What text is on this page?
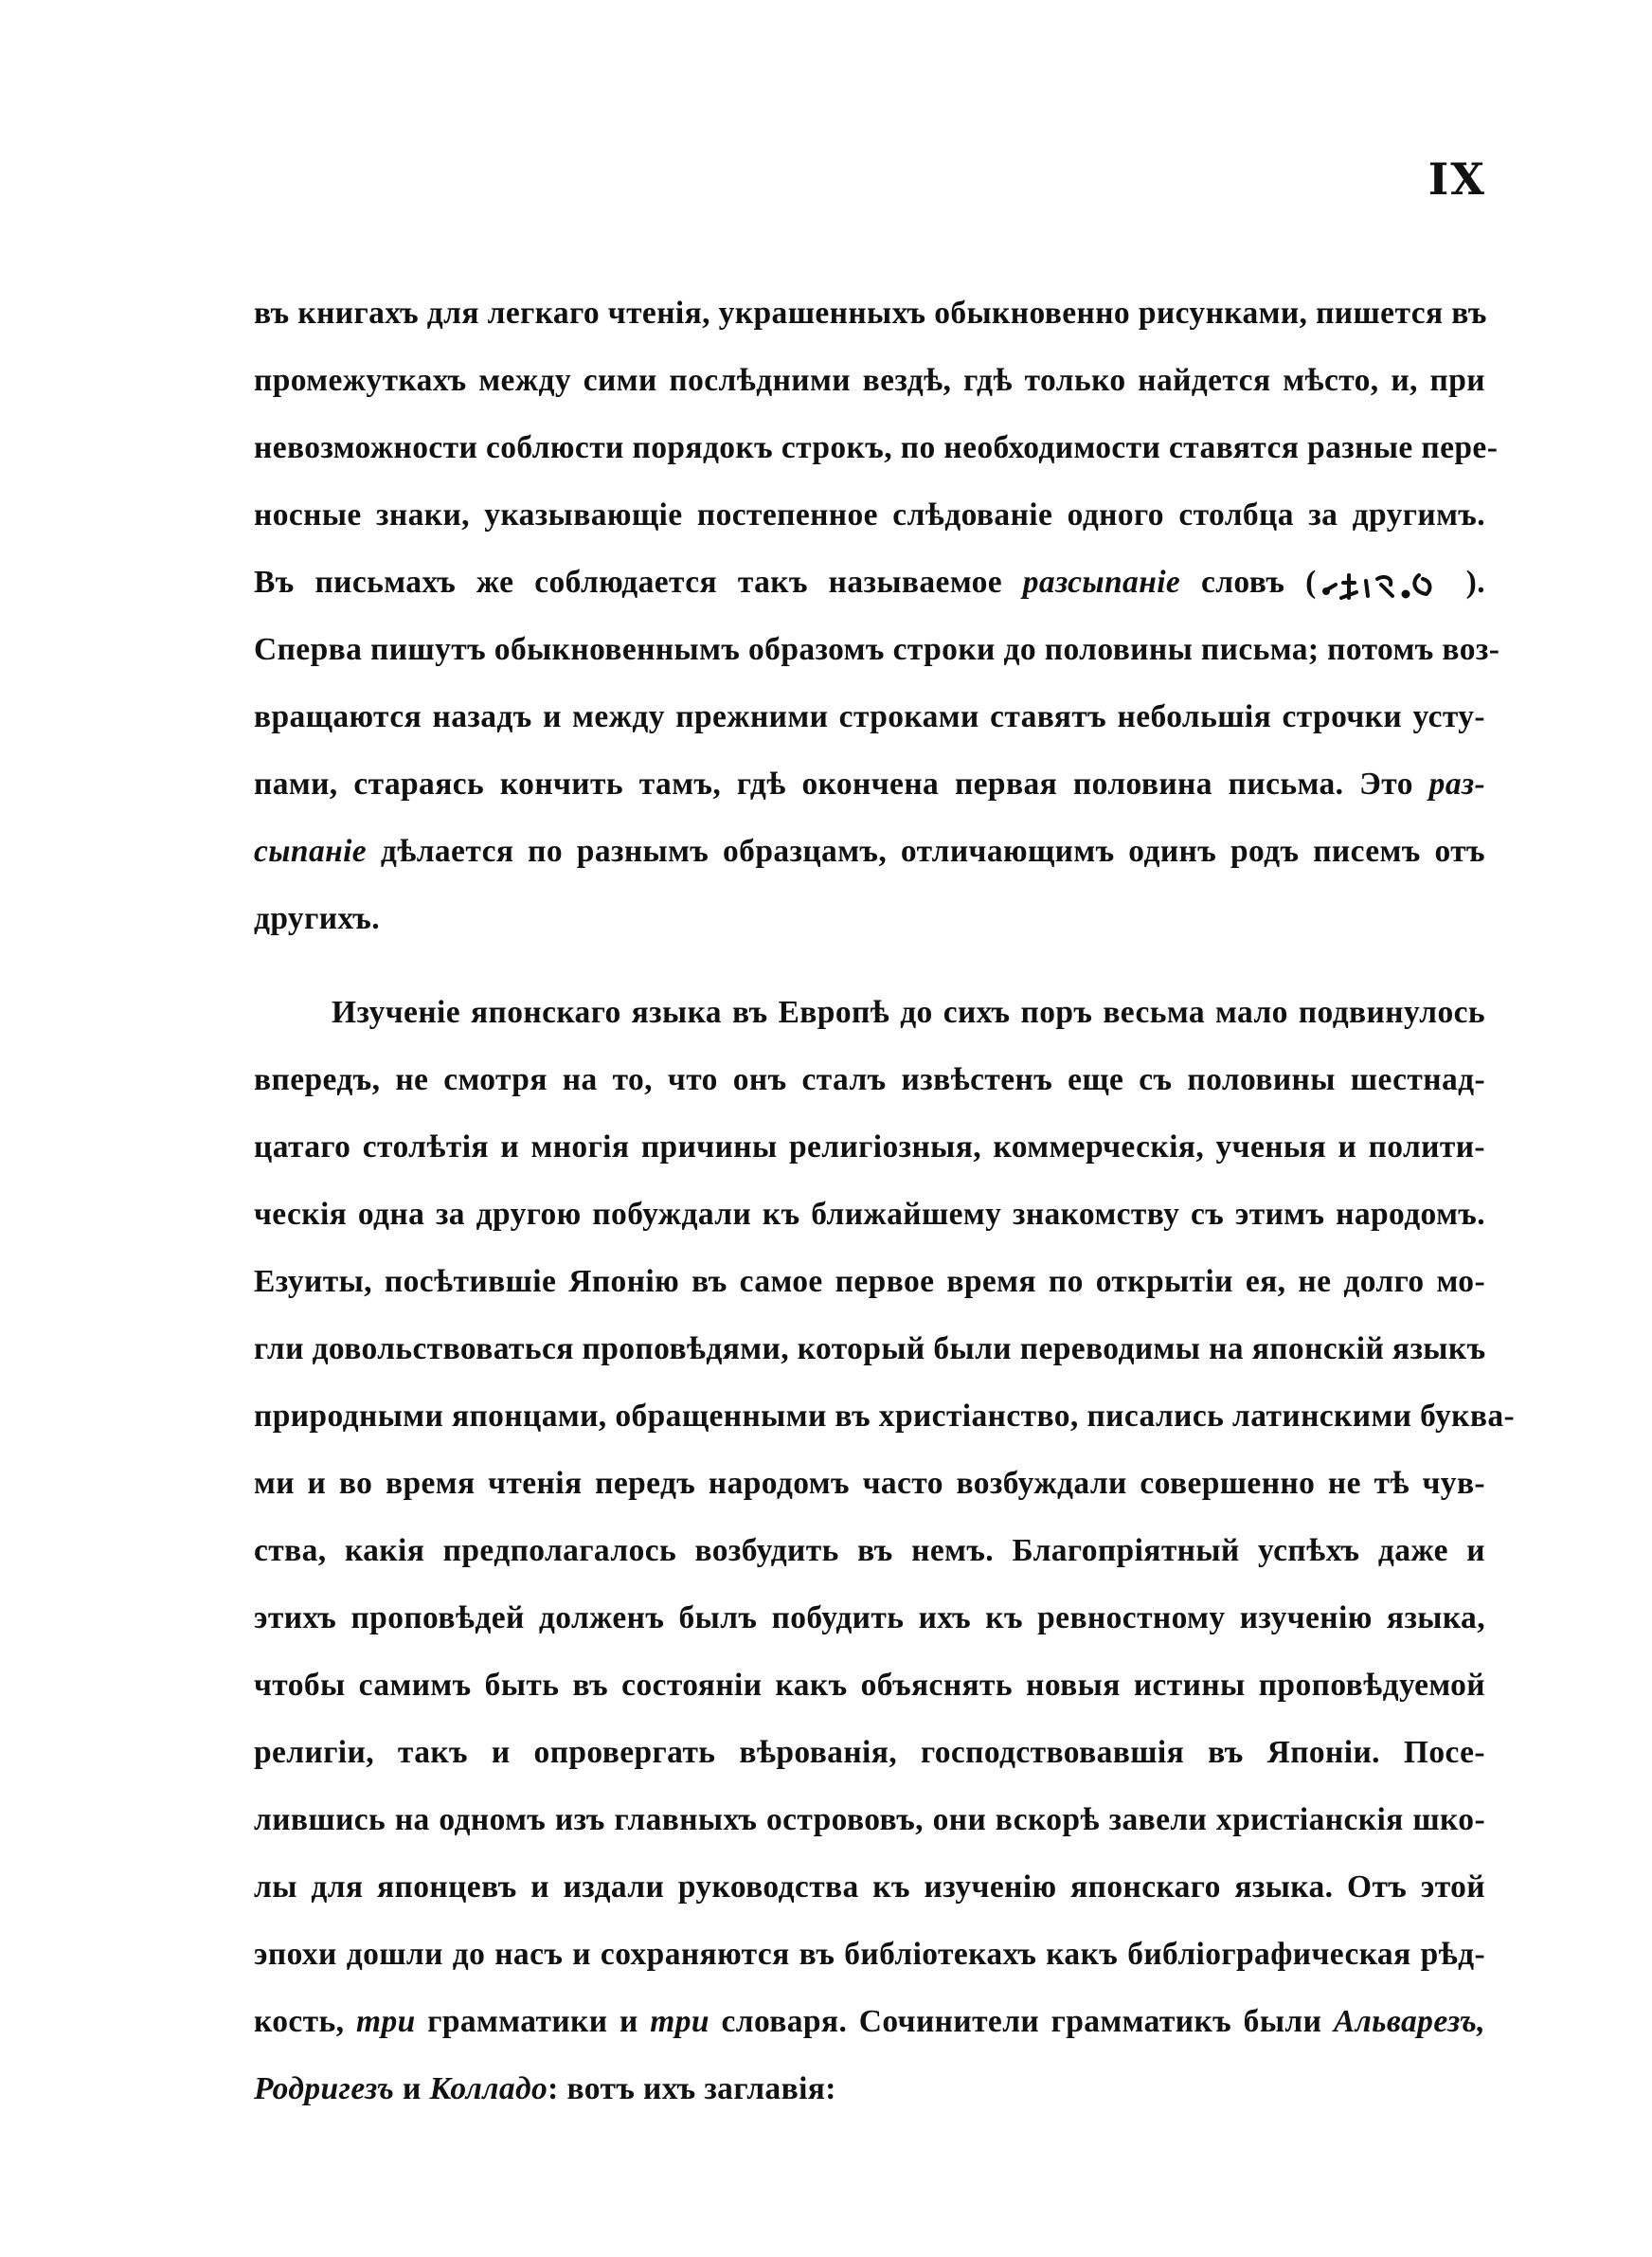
IX
въ книгахъ для легкаго чтенія, украшенныхъ обыкновенно рисунками, пишется въ
промежуткахъ между сими послѣдними вездѣ, гдѣ только найдется мѣсто, и, при
невозможности соблюсти порядокъ строкъ, по необходимости ставятся разные пере-
носные знаки, указывающіе постепенное слѣдованіе одного столбца за другимъ.
Въ письмахъ же соблюдается такъ называемое разсыпаніе словъ (	).
Сперва пишутъ обыкновеннымъ образомъ строки до половины письма; потомъ воз-
вращаются назадъ и между прежними строками ставятъ небольшія строчки усту-
пами, стараясь кончить тамъ, гдѣ окончена первая половина письма. Это раз-
сыпаніе дѣлается по разнымъ образцамъ, отличающимъ одинъ родъ писемъ отъ
другихъ.
Изученіе японскаго языка въ Европѣ до сихъ поръ весьма мало подвинулось
впередъ, не смотря на то, что онъ сталъ извѣстенъ еще съ половины шестнад-
цатаго столѣтія и многія причины религіозныя, коммерческія, ученыя и полити-
ческія одна за другою побуждали къ ближайшему знакомству съ этимъ народомъ.
Езуиты, посѣтившіе Японію въ самое первое время по открытіи ея, не долго мо-
гли довольствоваться проповѣдями, который были переводимы на японскій языкъ
природными японцами, обращенными въ христіанство, писались латинскими буква-
ми и во время чтенія передъ народомъ часто возбуждали совершенно не тѣ чув-
ства, какія предполагалось возбудить въ немъ. Благопріятный успѣхъ даже и
этихъ проповѣдей долженъ былъ побудить ихъ къ ревностному изученію языка,
чтобы самимъ быть въ состояніи какъ объяснять новыя истины проповѣдуемой
религіи, такъ и опровергать вѣрованія, господствовавшія въ Японіи. Посе-
лившись на одномъ изъ главныхъ острововъ, они вскорѣ завели христіанскія шко-
лы для японцевъ и издали руководства къ изученію японскаго языка. Отъ этой
эпохи дошли до насъ и сохраняются въ библіотекахъ какъ библіографическая рѣд-
кость, три грамматики и три словаря. Сочинители грамматикъ были Альварезъ,
Родригезъ и Колладо: вотъ ихъ заглавія:
